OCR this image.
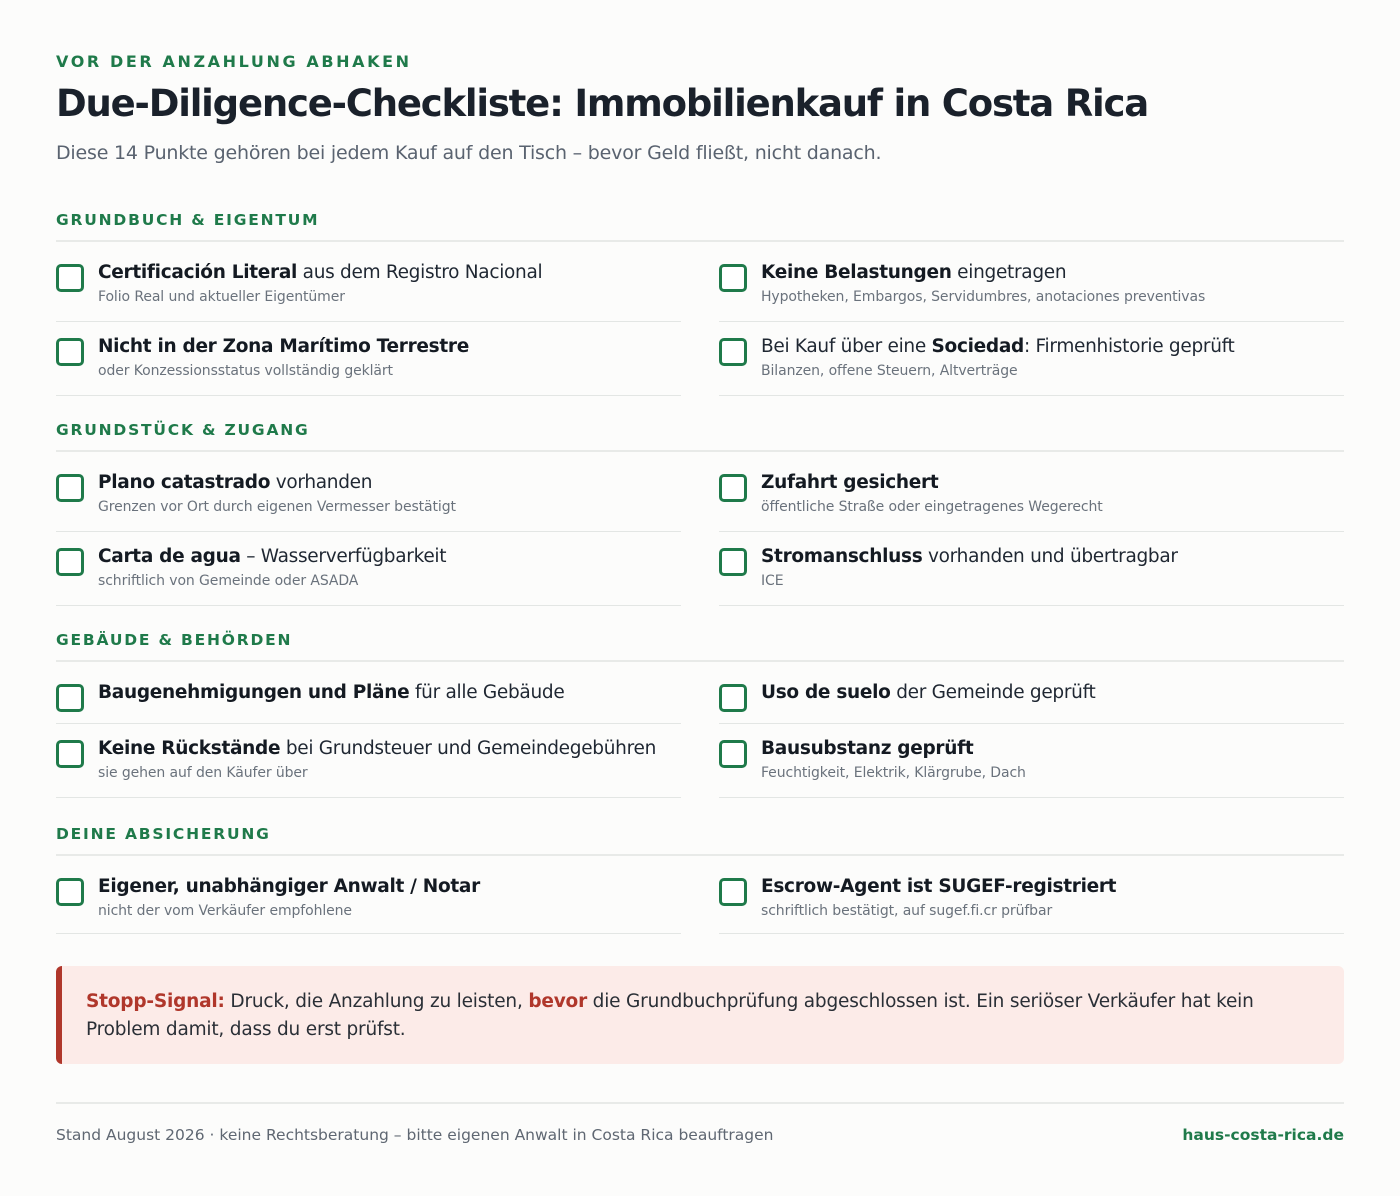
VOR DER ANZAHLUNG ABHAKEN
Due-Diligence-Checkliste: Immobilienkauf in Costa Rica
Diese 14 Punkte gehören bei jedem Kauf auf den Tisch – bevor Geld fließt, nicht danach.
GRUNDBUCH & EIGENTUM
Certificación Literal aus dem Registro Nacional
Folio Real und aktueller Eigentümer
Keine Belastungen eingetragen
Hypotheken, Embargos, Servidumbres, anotaciones preventivas
Nicht in der Zona Marítimo Terrestre
oder Konzessionsstatus vollständig geklärt
Bei Kauf über eine Sociedad: Firmenhistorie geprüft
Bilanzen, offene Steuern, Altverträge
GRUNDSTÜCK & ZUGANG
Plano catastrado vorhanden
Grenzen vor Ort durch eigenen Vermesser bestätigt
Zufahrt gesichert
öffentliche Straße oder eingetragenes Wegerecht
Carta de agua – Wasserverfügbarkeit
schriftlich von Gemeinde oder ASADA
Stromanschluss vorhanden und übertragbar
ICE
GEBÄUDE & BEHÖRDEN
Baugenehmigungen und Pläne für alle Gebäude	Uso de suelo der Gemeinde geprüft
Keine Rückstände bei Grundsteuer und Gemeindegebühren
sie gehen auf den Käufer über
Bausubstanz geprüft
Feuchtigkeit, Elektrik, Klärgrube, Dach
DEINE ABSICHERUNG
Eigener, unabhängiger Anwalt / Notar
nicht der vom Verkäufer empfohlene
Escrow-Agent ist SUGEF-registriert
schriftlich bestätigt, auf sugef.fi.cr prüfbar
Stopp-Signal: Druck, die Anzahlung zu leisten, bevor die Grundbuchprüfung abgeschlossen ist. Ein seriöser Verkäufer hat kein Problem damit, dass du erst prüfst.
Stand August 2026 · keine Rechtsberatung – bitte eigenen Anwalt in Costa Rica beauftragen	haus-costa-rica.de
